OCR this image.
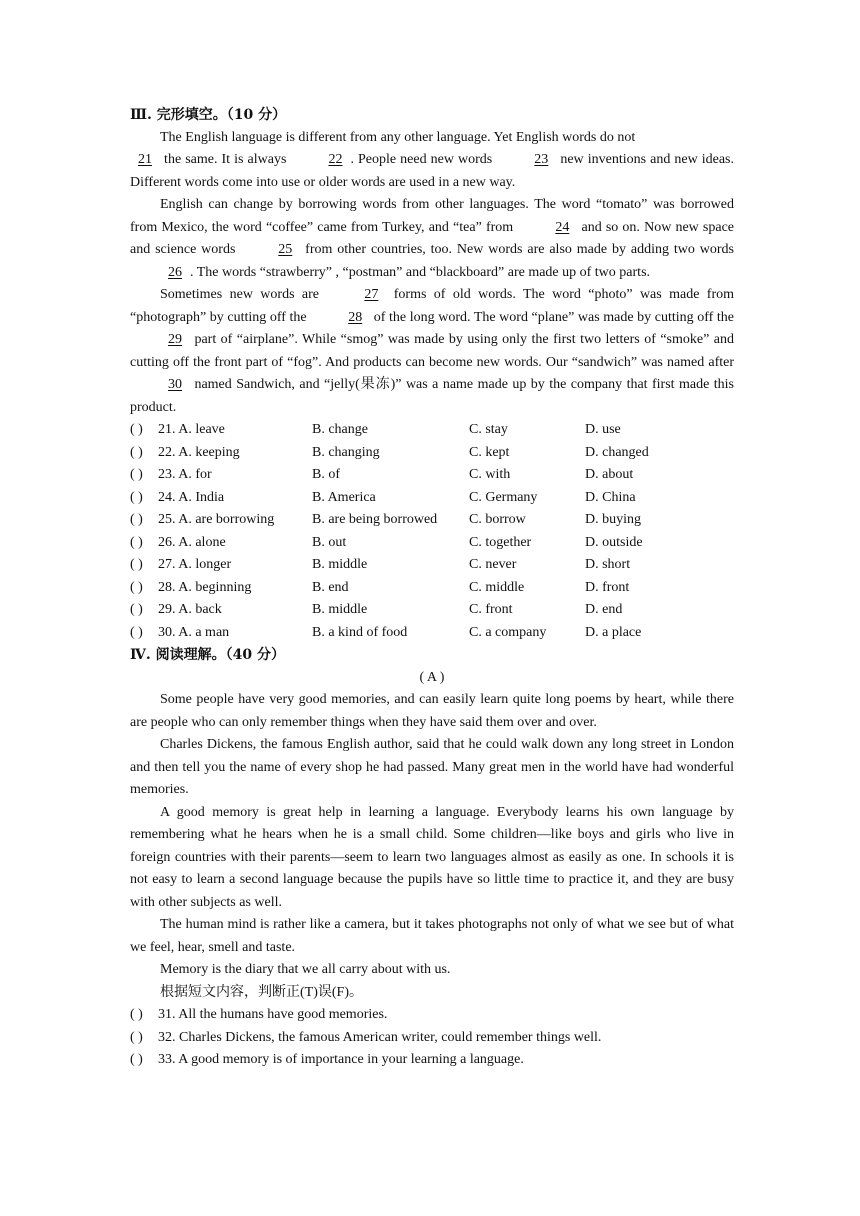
Ⅲ. 完形填空。（10 分）

The English language is different from any other language. Yet English words do not
21 the same. It is always	22 . People need new words	23 new inventions and new ideas. Different words come into use or older words are used in a new way.

English can change by borrowing words from other languages. The word “tomato” was borrowed from Mexico, the word “coffee” came from Turkey, and “tea” from	24 and so on. Now new space and science words	25 from other countries, too. New words are also made by adding two words 26 . The words “strawberry” , “postman” and “blackboard” are made up of two parts.

Sometimes new words are	27 forms of old words. The word “photo” was made from “photograph” by cutting off the	28 of the long word. The word “plane” was made by cutting off the 29 part of “airplane”. While “smog” was made by using only the first two letters of “smoke” and cutting off the front part of “fog”. And products can become new words. Our “sandwich” was named after 30 named Sandwich, and “jelly(果冻)” was a name made up by the company that first made this product.

( )	21. A. leave	B. change	C. stay	D. use
( )	22. A. keeping	B. changing	C. kept	D. changed
( )	23. A. for	B. of	C. with	D. about
( )	24. A. India	B. America	C. Germany	D. China
( )	25. A. are borrowing	B. are being borrowed	C. borrow	D. buying
( )	26. A. alone	B. out	C. together	D. outside
( )	27. A. longer	B. middle	C. never	D. short
( )	28. A. beginning	B. end	C. middle	D. front
( )	29. A. back	B. middle	C. front	D. end
( )	30. A. a man	B. a kind of food	C. a company	D. a place

Ⅳ. 阅读理解。（40 分）

( A )

Some people have very good memories, and can easily learn quite long poems by heart, while there are people who can only remember things when they have said them over and over.

Charles Dickens, the famous English author, said that he could walk down any long street in London and then tell you the name of every shop he had passed. Many great men in the world have had wonderful memories.

A good memory is great help in learning a language. Everybody learns his own language by remembering what he hears when he is a small child. Some children—like boys and girls who live in foreign countries with their parents—seem to learn two languages almost as easily as one. In schools it is not easy to learn a second language because the pupils have so little time to practice it, and they are busy with other subjects as well.

The human mind is rather like a camera, but it takes photographs not only of what we see but of what we feel, hear, smell and taste.

Memory is the diary that we all carry about with us.

根据短文内容，判断正(T)误(F)。

( )	31. All the humans have good memories.
( )	32. Charles Dickens, the famous American writer, could remember things well.
( )	33. A good memory is of importance in your learning a language.
